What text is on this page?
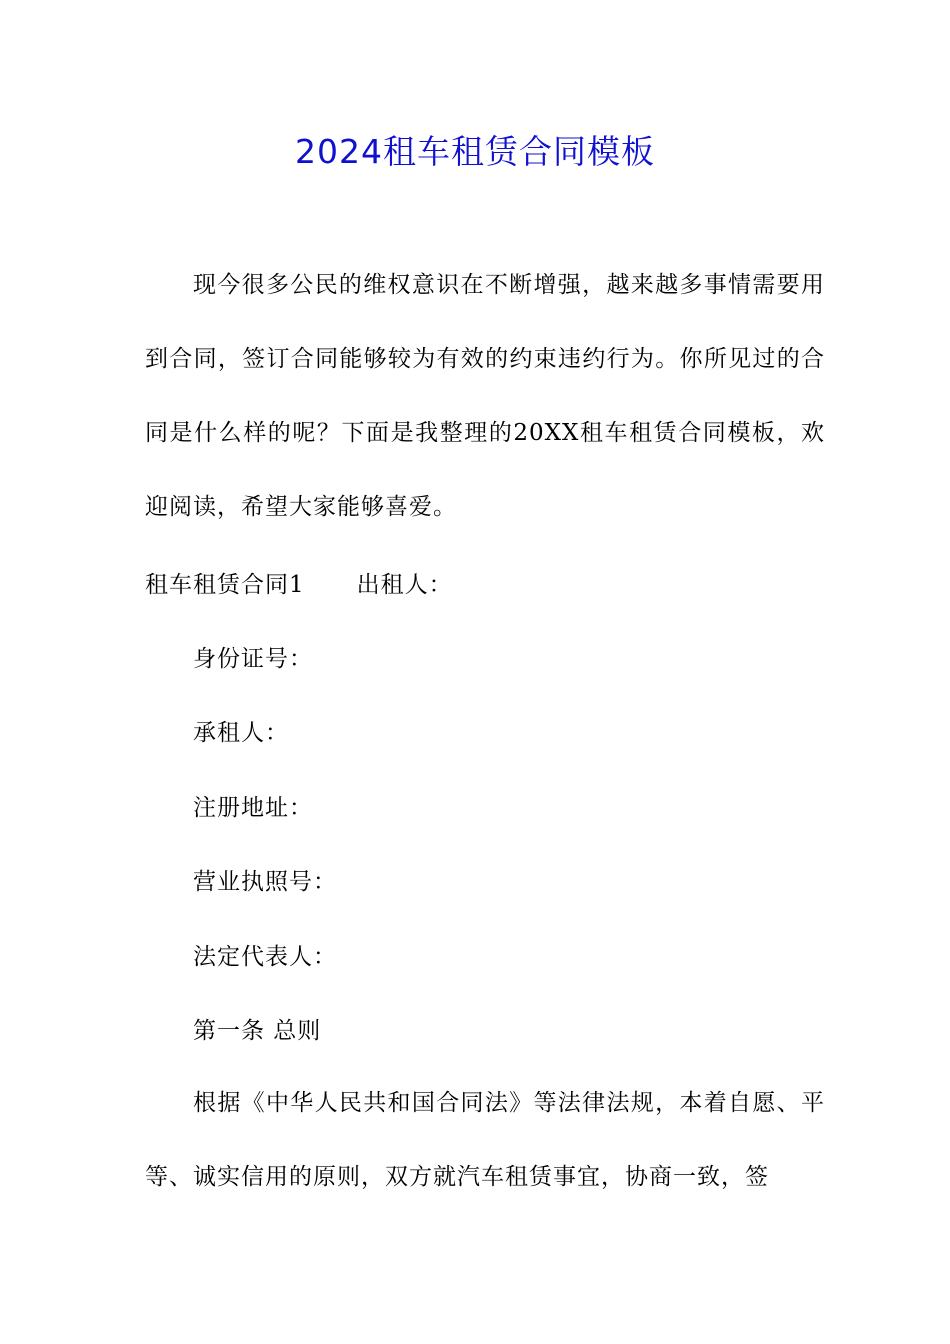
2024租车租赁合同模板

现今很多公民的维权意识在不断增强，越来越多事情需要用到合同，签订合同能够较为有效的约束违约行为。你所见过的合同是什么样的呢？下面是我整理的20XX租车租赁合同模板，欢迎阅读，希望大家能够喜爱。

租车租赁合同1 出租人：
身份证号：
承租人：
注册地址：
营业执照号：
法定代表人：
第一条 总则

根据《中华人民共和国合同法》等法律法规，本着自愿、平等、诚实信用的原则，双方就汽车租赁事宜，协商一致，签
